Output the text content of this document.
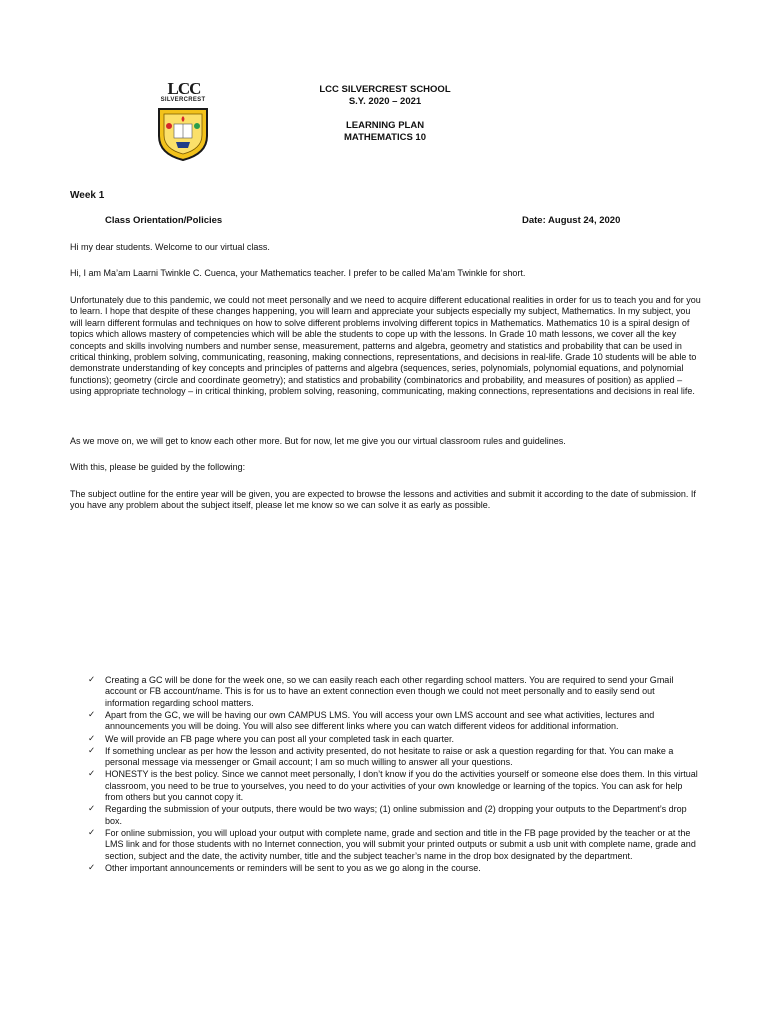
LCC
SILVERCREST
LCC SILVERCREST SCHOOL
S.Y. 2020 – 2021
LEARNING PLAN
MATHEMATICS 10
Week 1
Class Orientation/Policies	Date: August 24, 2020

Hi my dear students. Welcome to our virtual class.

Hi, I am Ma’am Laarni Twinkle C. Cuenca, your Mathematics teacher. I prefer to be called Ma’am Twinkle for short.

Unfortunately due to this pandemic, we could not meet personally and we need to acquire different educational realities in order for us to teach you and for you to learn. I hope that despite of these changes happening, you will learn and appreciate your subjects especially my subject, Mathematics. In my subject, you will learn different formulas and techniques on how to solve different problems involving different topics in Mathematics. Mathematics 10 is a spiral design of topics which allows mastery of competencies which will be able the students to cope up with the lessons. In Grade 10 math lessons, we cover all the key concepts and skills involving numbers and number sense, measurement, patterns and algebra, geometry and statistics and probability that can be used in critical thinking, problem solving, communicating, reasoning, making connections, representations, and decisions in real-life. Grade 10 students will be able to demonstrate understanding of key concepts and principles of patterns and algebra (sequences, series, polynomials, polynomial equations, and polynomial functions); geometry (circle and coordinate geometry); and statistics and probability (combinatorics and probability, and measures of position) as applied – using appropriate technology – in critical thinking, problem solving, reasoning, communicating, making connections, representations and decisions in real life.

As we move on, we will get to know each other more. But for now, let me give you our virtual classroom rules and guidelines.

With this, please be guided by the following:

The subject outline for the entire year will be given, you are expected to browse the lessons and activities and submit it according to the date of submission. If you have any problem about the subject itself, please let me know so we can solve it as early as possible.

✓ Creating a GC will be done for the week one, so we can easily reach each other regarding school matters. You are required to send your Gmail account or FB account/name. This is for us to have an extent connection even though we could not meet personally and to easily send out information regarding school matters.
✓ Apart from the GC, we will be having our own CAMPUS LMS. You will access your own LMS account and see what activities, lectures and announcements you will be doing. You will also see different links where you can watch different videos for additional information.
✓ We will provide an FB page where you can post all your completed task in each quarter.
✓ If something unclear as per how the lesson and activity presented, do not hesitate to raise or ask a question regarding for that. You can make a personal message via messenger or Gmail account; I am so much willing to answer all your questions.
✓ HONESTY is the best policy. Since we cannot meet personally, I don’t know if you do the activities yourself or someone else does them. In this virtual classroom, you need to be true to yourselves, you need to do your activities of your own knowledge or learning of the topics. You can ask for help from others but you cannot copy it.
✓ Regarding the submission of your outputs, there would be two ways; (1) online submission and (2) dropping your outputs to the Department’s drop box.
✓ For online submission, you will upload your output with complete name, grade and section and title in the FB page provided by the teacher or at the LMS link and for those students with no Internet connection, you will submit your printed outputs or submit a usb unit with complete name, grade and section, subject and the date, the activity number, title and the subject teacher’s name in the drop box designated by the department.
✓ Other important announcements or reminders will be sent to you as we go along in the course.
